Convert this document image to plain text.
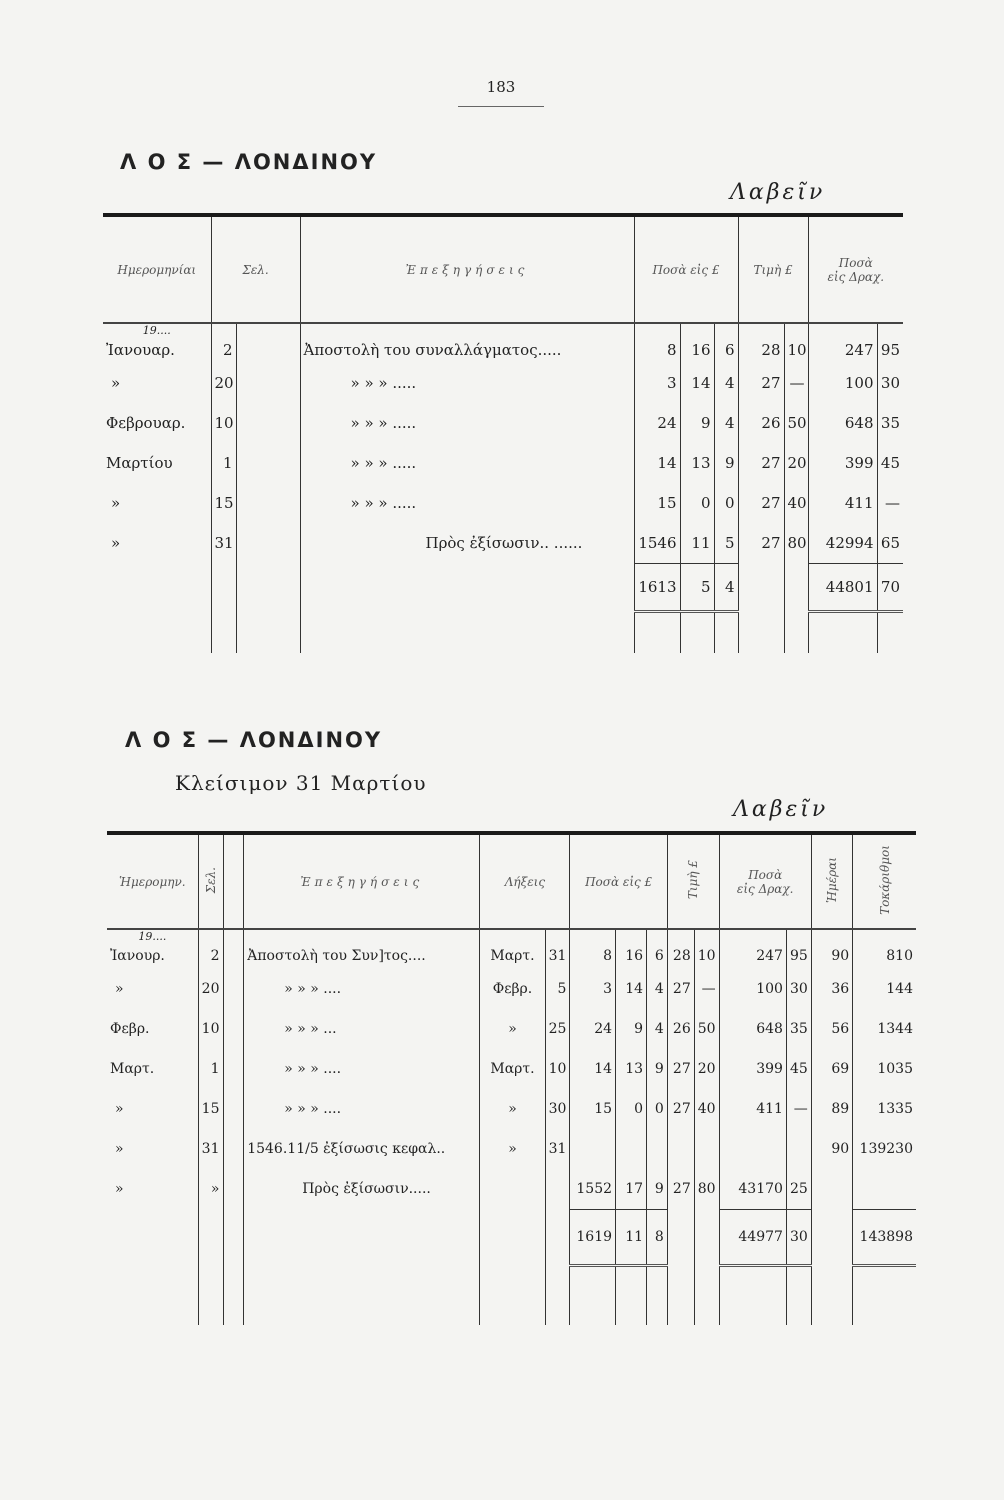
183
Λ Ο Σ — ΛΟΝΔΙΝΟΥ
Λαβεῖν
Ημερομηνίαι	Σελ.		Ἐπεξηγήσεις	Ποσὰ εἰς £			Τιμὴ £		Ποσὰ
εἰς Δραχ.	
19....										
Ἰανουαρ.	2		Ἀποστολὴ του συναλλάγματος.....	8	16	6	28	10	247	95
»	20		» » » .....	3	14	4	27	—	100	30
Φεβρουαρ.	10		» » » .....	24	9	4	26	50	648	35
Μαρτίου	1		» » » .....	14	13	9	27	20	399	45
»	15		» » » .....	15	0	0	27	40	411	—
»	31		Πρὸς ἐξίσωσιν.. ......	1546	11	5	27	80	42994	65
				1613	5	4			44801	70

Λ Ο Σ — ΛΟΝΔΙΝΟΥ
Κλείσιμον 31 Μαρτίου
Λαβεῖν
Ἡμερομην.	Σελ.		Ἐπεξηγήσεις	Λήξεις		Ποσὰ εἰς £			Τιμὴ £		Ποσὰ
εἰς Δραχ.		Ἡμέραι	Τοκάριθμοι
19....														
Ἰανουρ.	2		Ἀποστολὴ του Συν]τος....	Μαρτ.	31	8	16	6	28	10	247	95	90	810
»	20		» » » ....	Φεβρ.	5	3	14	4	27	—	100	30	36	144
Φεβρ.	10		» » » ...	»	25	24	9	4	26	50	648	35	56	1344
Μαρτ.	1		» » » ....	Μαρτ.	10	14	13	9	27	20	399	45	69	1035
»	15		» » » ....	»	30	15	0	0	27	40	411	—	89	1335
»	31		1546.11/5 ἐξίσωσις κεφαλ..	»	31								90	139230
»	»		Πρὸς ἐξίσωσιν.....			1552	17	9	27	80	43170	25		
						1619	11	8			44977	30		143898
